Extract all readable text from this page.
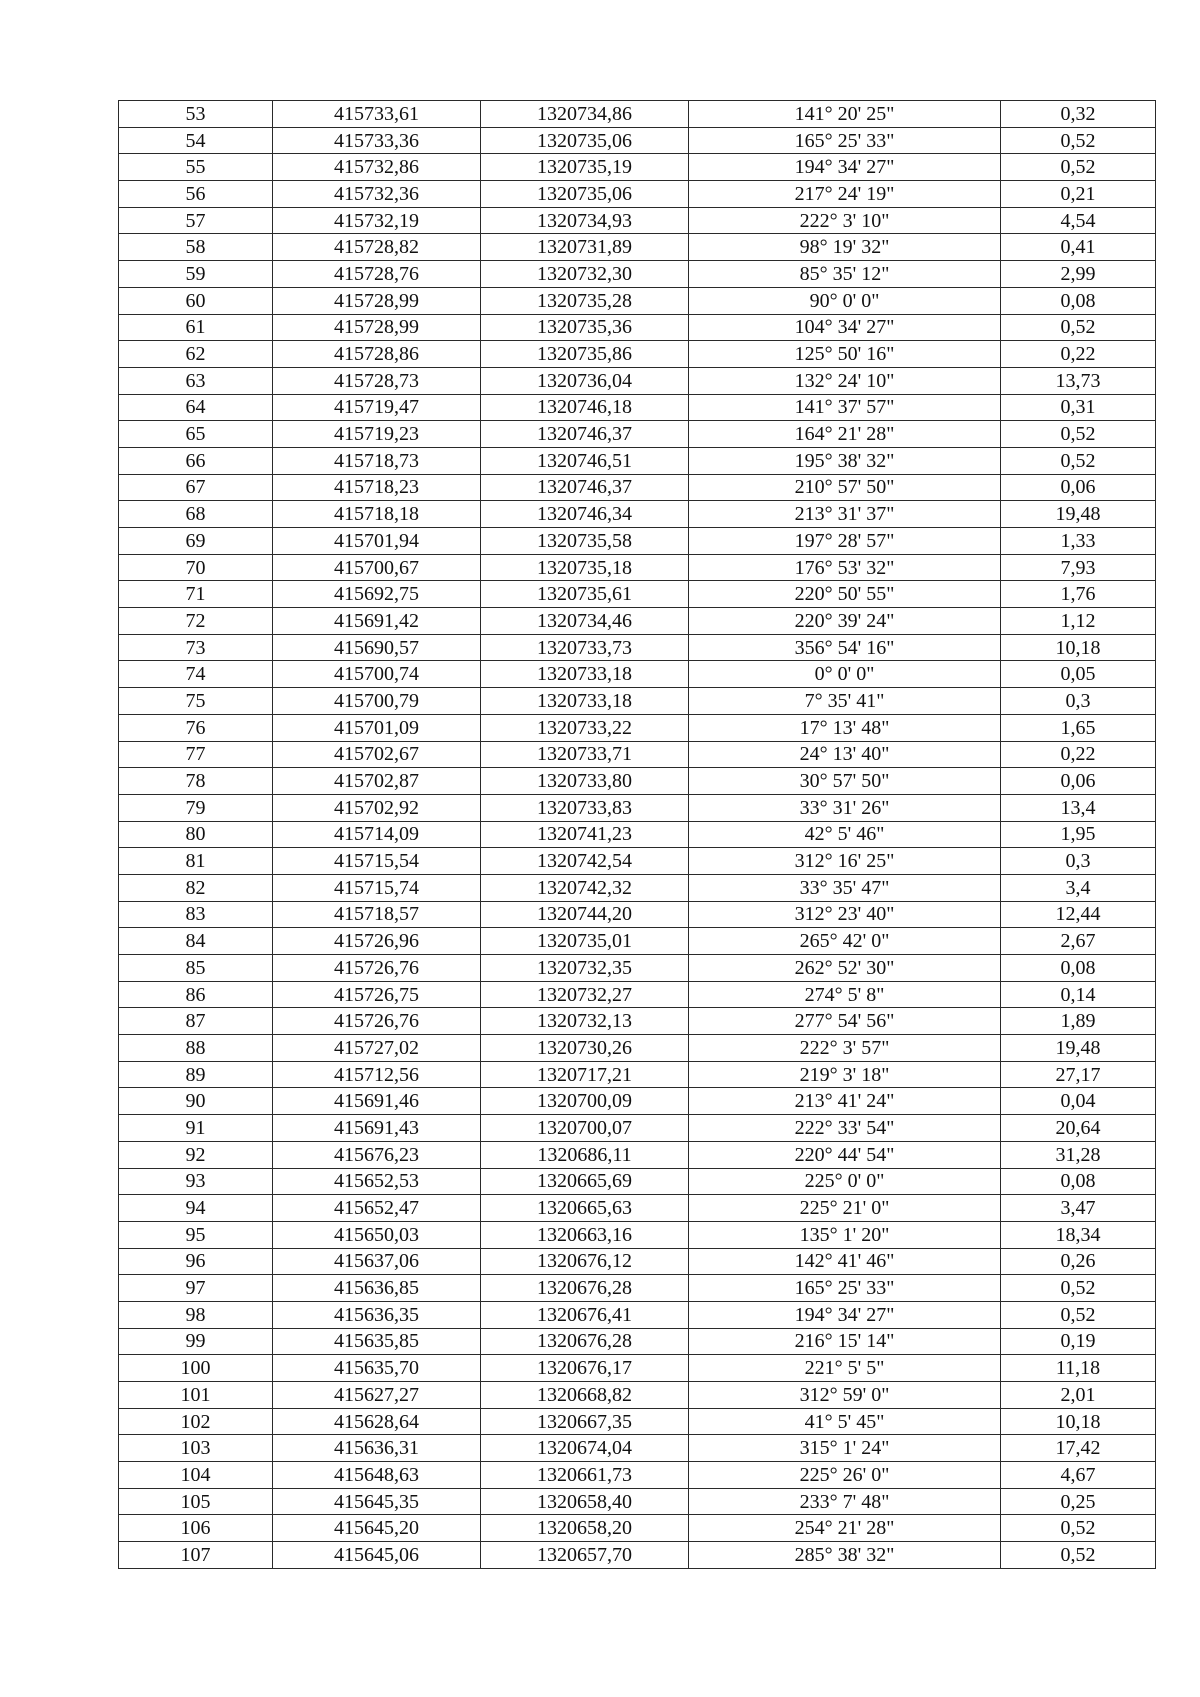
53	415733,61	1320734,86	141° 20' 25"	0,32
54	415733,36	1320735,06	165° 25' 33"	0,52
55	415732,86	1320735,19	194° 34' 27"	0,52
56	415732,36	1320735,06	217° 24' 19"	0,21
57	415732,19	1320734,93	222° 3' 10"	4,54
58	415728,82	1320731,89	98° 19' 32"	0,41
59	415728,76	1320732,30	85° 35' 12"	2,99
60	415728,99	1320735,28	90° 0' 0"	0,08
61	415728,99	1320735,36	104° 34' 27"	0,52
62	415728,86	1320735,86	125° 50' 16"	0,22
63	415728,73	1320736,04	132° 24' 10"	13,73
64	415719,47	1320746,18	141° 37' 57"	0,31
65	415719,23	1320746,37	164° 21' 28"	0,52
66	415718,73	1320746,51	195° 38' 32"	0,52
67	415718,23	1320746,37	210° 57' 50"	0,06
68	415718,18	1320746,34	213° 31' 37"	19,48
69	415701,94	1320735,58	197° 28' 57"	1,33
70	415700,67	1320735,18	176° 53' 32"	7,93
71	415692,75	1320735,61	220° 50' 55"	1,76
72	415691,42	1320734,46	220° 39' 24"	1,12
73	415690,57	1320733,73	356° 54' 16"	10,18
74	415700,74	1320733,18	0° 0' 0"	0,05
75	415700,79	1320733,18	7° 35' 41"	0,3
76	415701,09	1320733,22	17° 13' 48"	1,65
77	415702,67	1320733,71	24° 13' 40"	0,22
78	415702,87	1320733,80	30° 57' 50"	0,06
79	415702,92	1320733,83	33° 31' 26"	13,4
80	415714,09	1320741,23	42° 5' 46"	1,95
81	415715,54	1320742,54	312° 16' 25"	0,3
82	415715,74	1320742,32	33° 35' 47"	3,4
83	415718,57	1320744,20	312° 23' 40"	12,44
84	415726,96	1320735,01	265° 42' 0"	2,67
85	415726,76	1320732,35	262° 52' 30"	0,08
86	415726,75	1320732,27	274° 5' 8"	0,14
87	415726,76	1320732,13	277° 54' 56"	1,89
88	415727,02	1320730,26	222° 3' 57"	19,48
89	415712,56	1320717,21	219° 3' 18"	27,17
90	415691,46	1320700,09	213° 41' 24"	0,04
91	415691,43	1320700,07	222° 33' 54"	20,64
92	415676,23	1320686,11	220° 44' 54"	31,28
93	415652,53	1320665,69	225° 0' 0"	0,08
94	415652,47	1320665,63	225° 21' 0"	3,47
95	415650,03	1320663,16	135° 1' 20"	18,34
96	415637,06	1320676,12	142° 41' 46"	0,26
97	415636,85	1320676,28	165° 25' 33"	0,52
98	415636,35	1320676,41	194° 34' 27"	0,52
99	415635,85	1320676,28	216° 15' 14"	0,19
100	415635,70	1320676,17	221° 5' 5"	11,18
101	415627,27	1320668,82	312° 59' 0"	2,01
102	415628,64	1320667,35	41° 5' 45"	10,18
103	415636,31	1320674,04	315° 1' 24"	17,42
104	415648,63	1320661,73	225° 26' 0"	4,67
105	415645,35	1320658,40	233° 7' 48"	0,25
106	415645,20	1320658,20	254° 21' 28"	0,52
107	415645,06	1320657,70	285° 38' 32"	0,52
